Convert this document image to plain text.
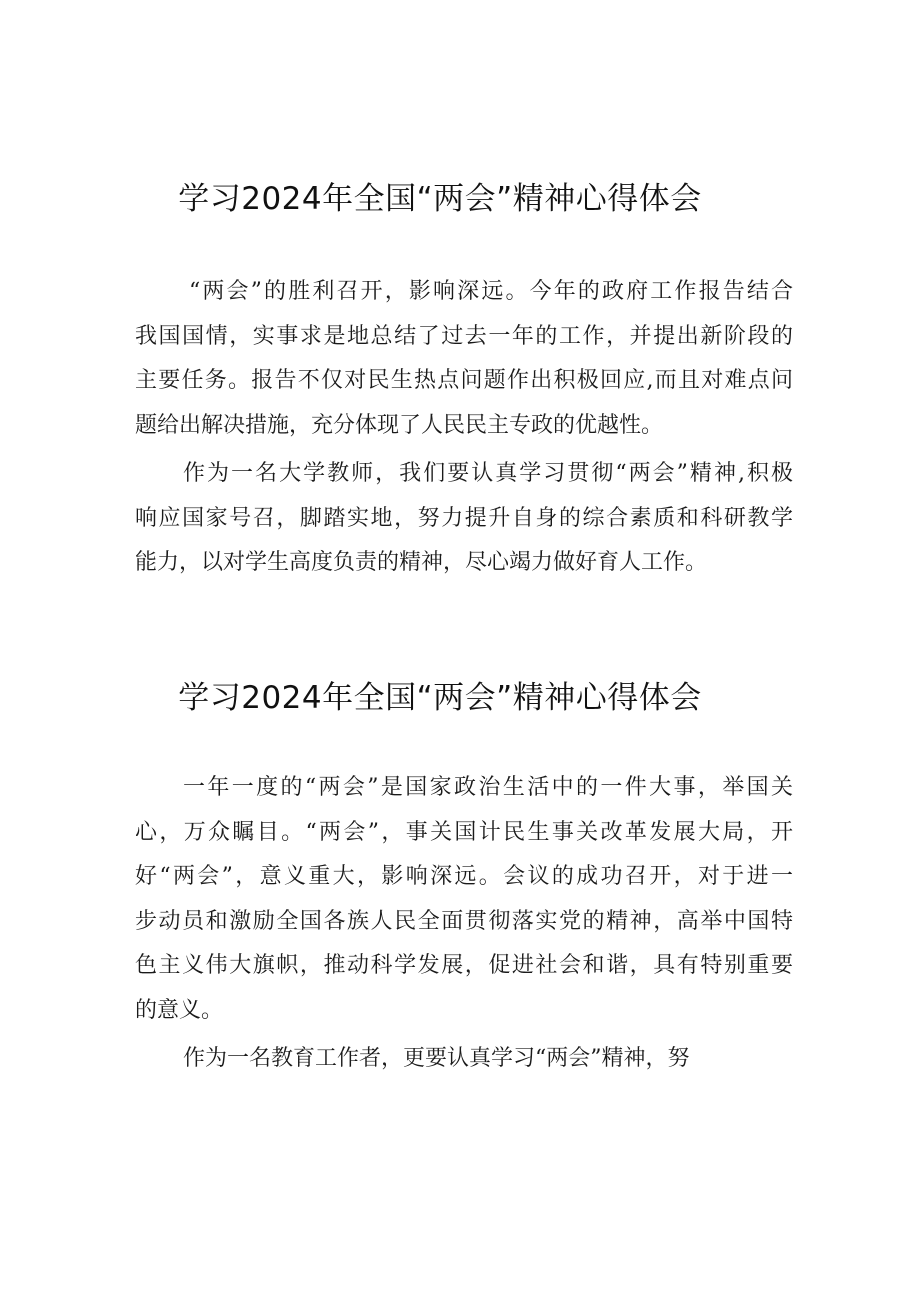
学习2024年全国“两会”精神心得体会

“两会”的胜利召开，影响深远。今年的政府工作报告结合
我国国情，实事求是地总结了过去一年的工作，并提出新阶段的
主要任务。报告不仅对民生热点问题作出积极回应,而且对难点问
题给出解决措施，充分体现了人民民主专政的优越性。

作为一名大学教师，我们要认真学习贯彻“两会”精神,积极
响应国家号召，脚踏实地，努力提升自身的综合素质和科研教学
能力，以对学生高度负责的精神，尽心竭力做好育人工作。

学习2024年全国“两会”精神心得体会

一年一度的“两会”是国家政治生活中的一件大事，举国关
心，万众瞩目。“两会”，事关国计民生事关改革发展大局，开
好“两会”，意义重大，影响深远。会议的成功召开，对于进一
步动员和激励全国各族人民全面贯彻落实党的精神，高举中国特
色主义伟大旗帜，推动科学发展，促进社会和谐，具有特别重要
的意义。

作为一名教育工作者，更要认真学习“两会”精神，努
